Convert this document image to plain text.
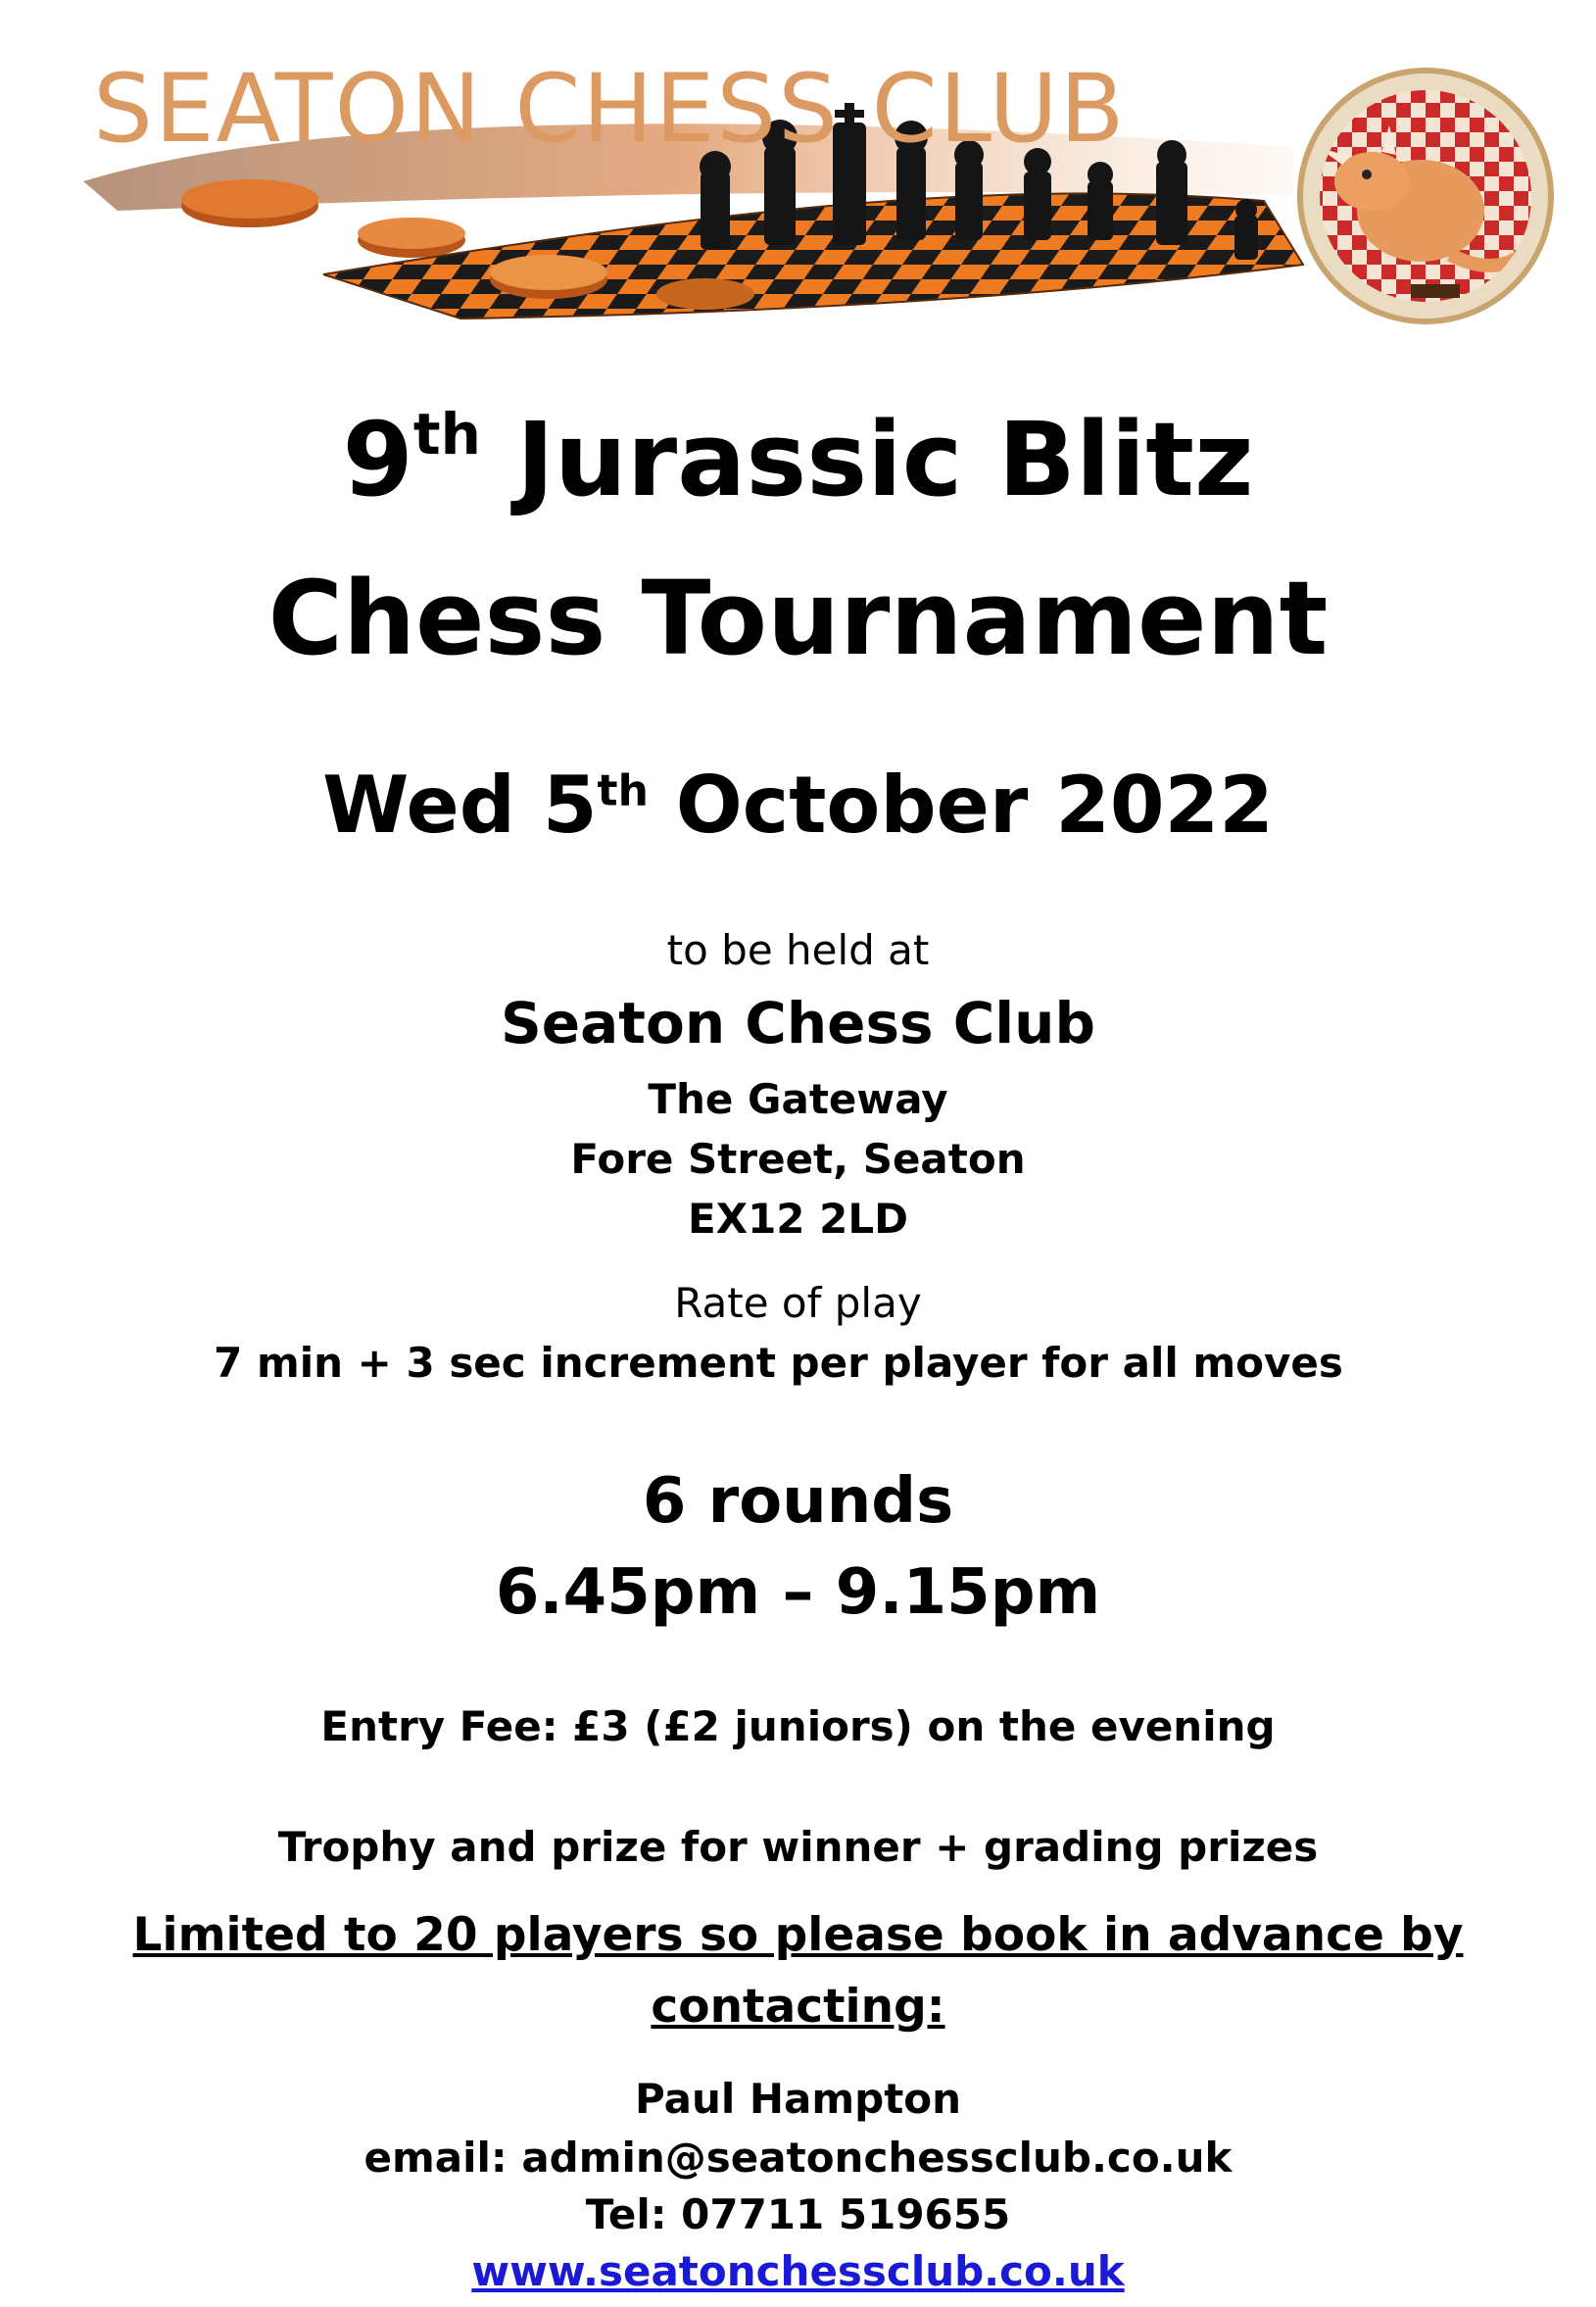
SEATON CHESS CLUB
9th Jurassic Blitz
Chess Tournament
Wed 5th October 2022
to be held at
Seaton Chess Club
The Gateway
Fore Street, Seaton
EX12 2LD
Rate of play
7 min + 3 sec increment per player for all moves
6 rounds
6.45pm – 9.15pm
Entry Fee: £3 (£2 juniors) on the evening
Trophy and prize for winner + grading prizes
Limited to 20 players so please book in advance by
contacting:
Paul Hampton
email: admin@seatonchessclub.co.uk
Tel: 07711 519655
www.seatonchessclub.co.uk
